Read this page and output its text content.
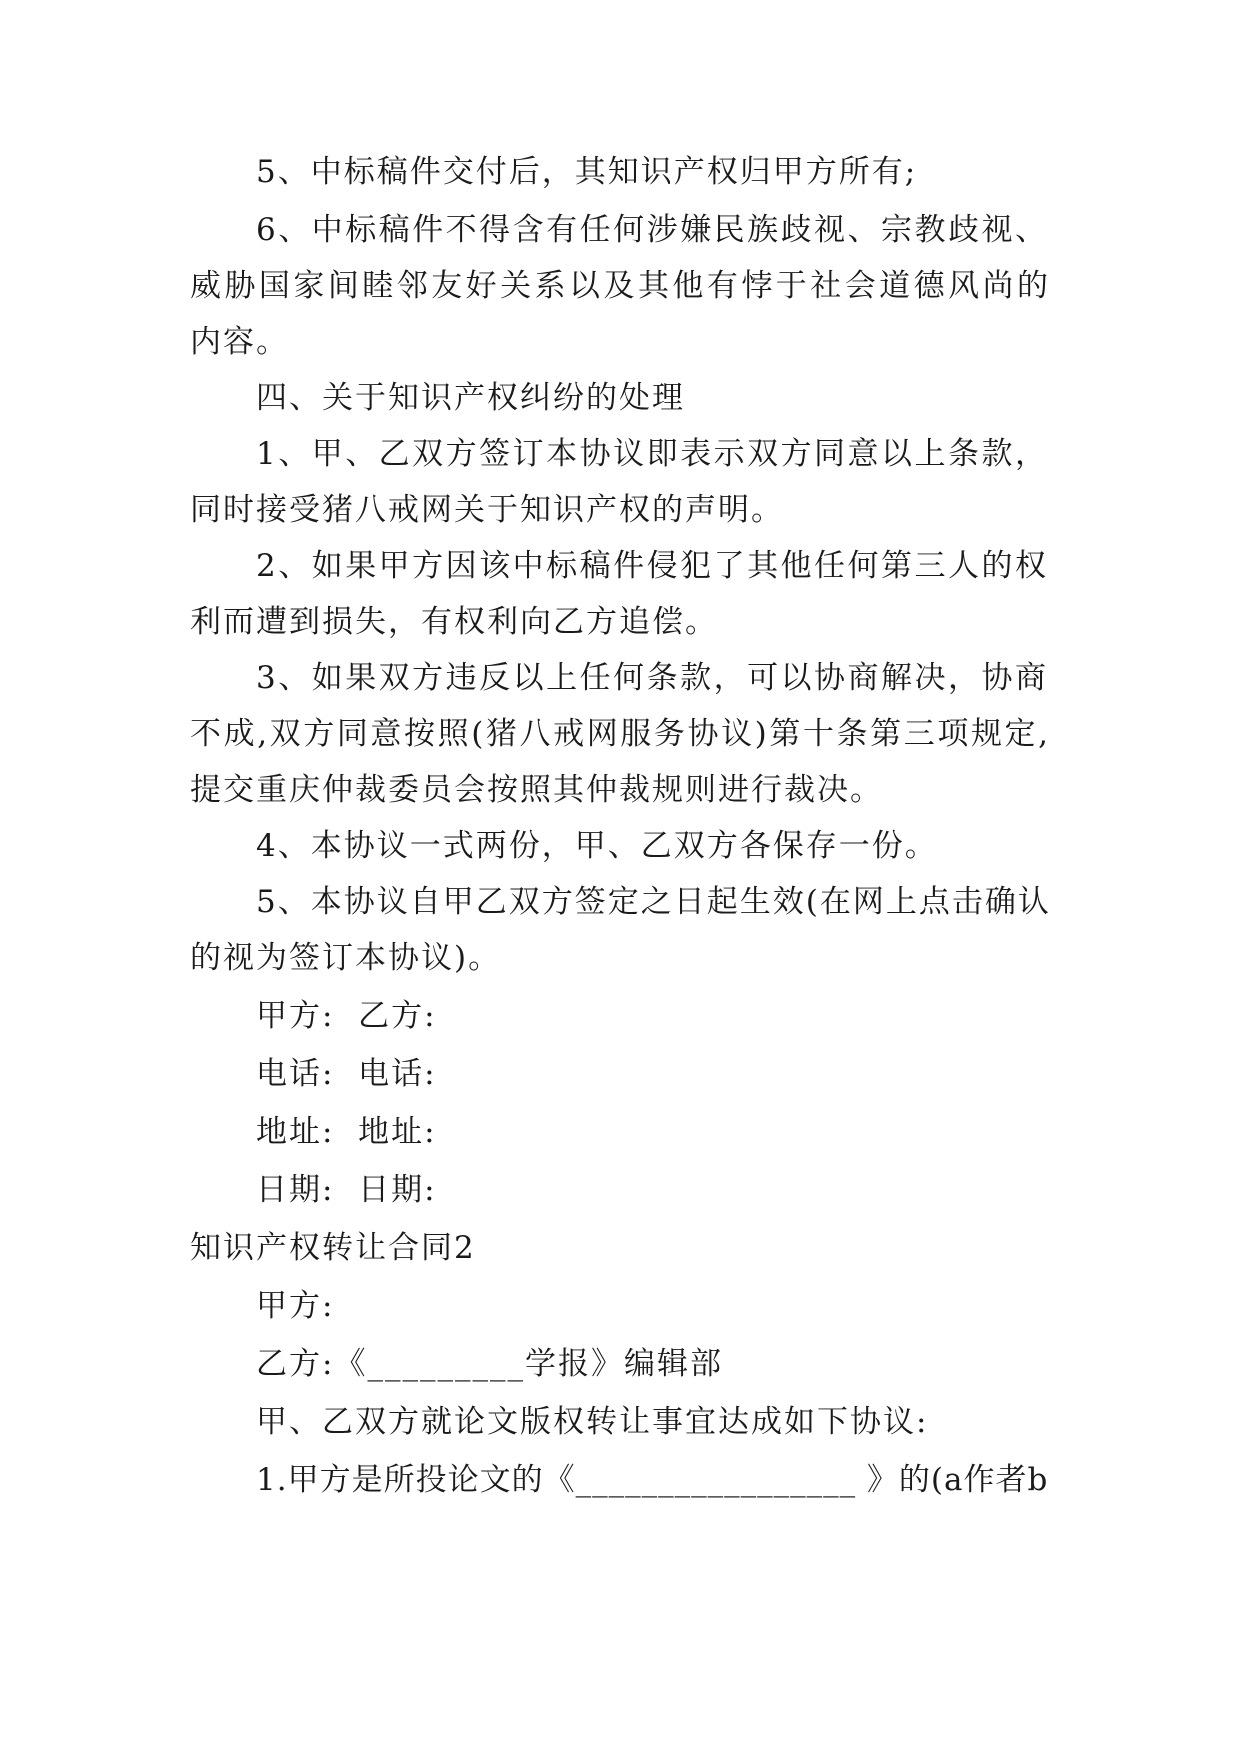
5、中标稿件交付后，其知识产权归甲方所有;
6、中标稿件不得含有任何涉嫌民族歧视、宗教歧视、
威胁国家间睦邻友好关系以及其他有悖于社会道德风尚的
内容。
四、关于知识产权纠纷的处理
1、甲、乙双方签订本协议即表示双方同意以上条款，
同时接受猪八戒网关于知识产权的声明。
2、如果甲方因该中标稿件侵犯了其他任何第三人的权
利而遭到损失，有权利向乙方追偿。
3、如果双方违反以上任何条款，可以协商解决，协商
不成,双方同意按照(猪八戒网服务协议)第十条第三项规定,
提交重庆仲裁委员会按照其仲裁规则进行裁决。
4、本协议一式两份，甲、乙双方各保存一份。
5、本协议自甲乙双方签定之日起生效(在网上点击确认
的视为签订本协议)。
甲方:  乙方:
电话:  电话:
地址:  地址:
日期:  日期:
知识产权转让合同2
甲方:
乙方:《_________学报》编辑部
甲、乙双方就论文版权转让事宜达成如下协议:
1.甲方是所投论文的《_________________ 》的(a作者b
